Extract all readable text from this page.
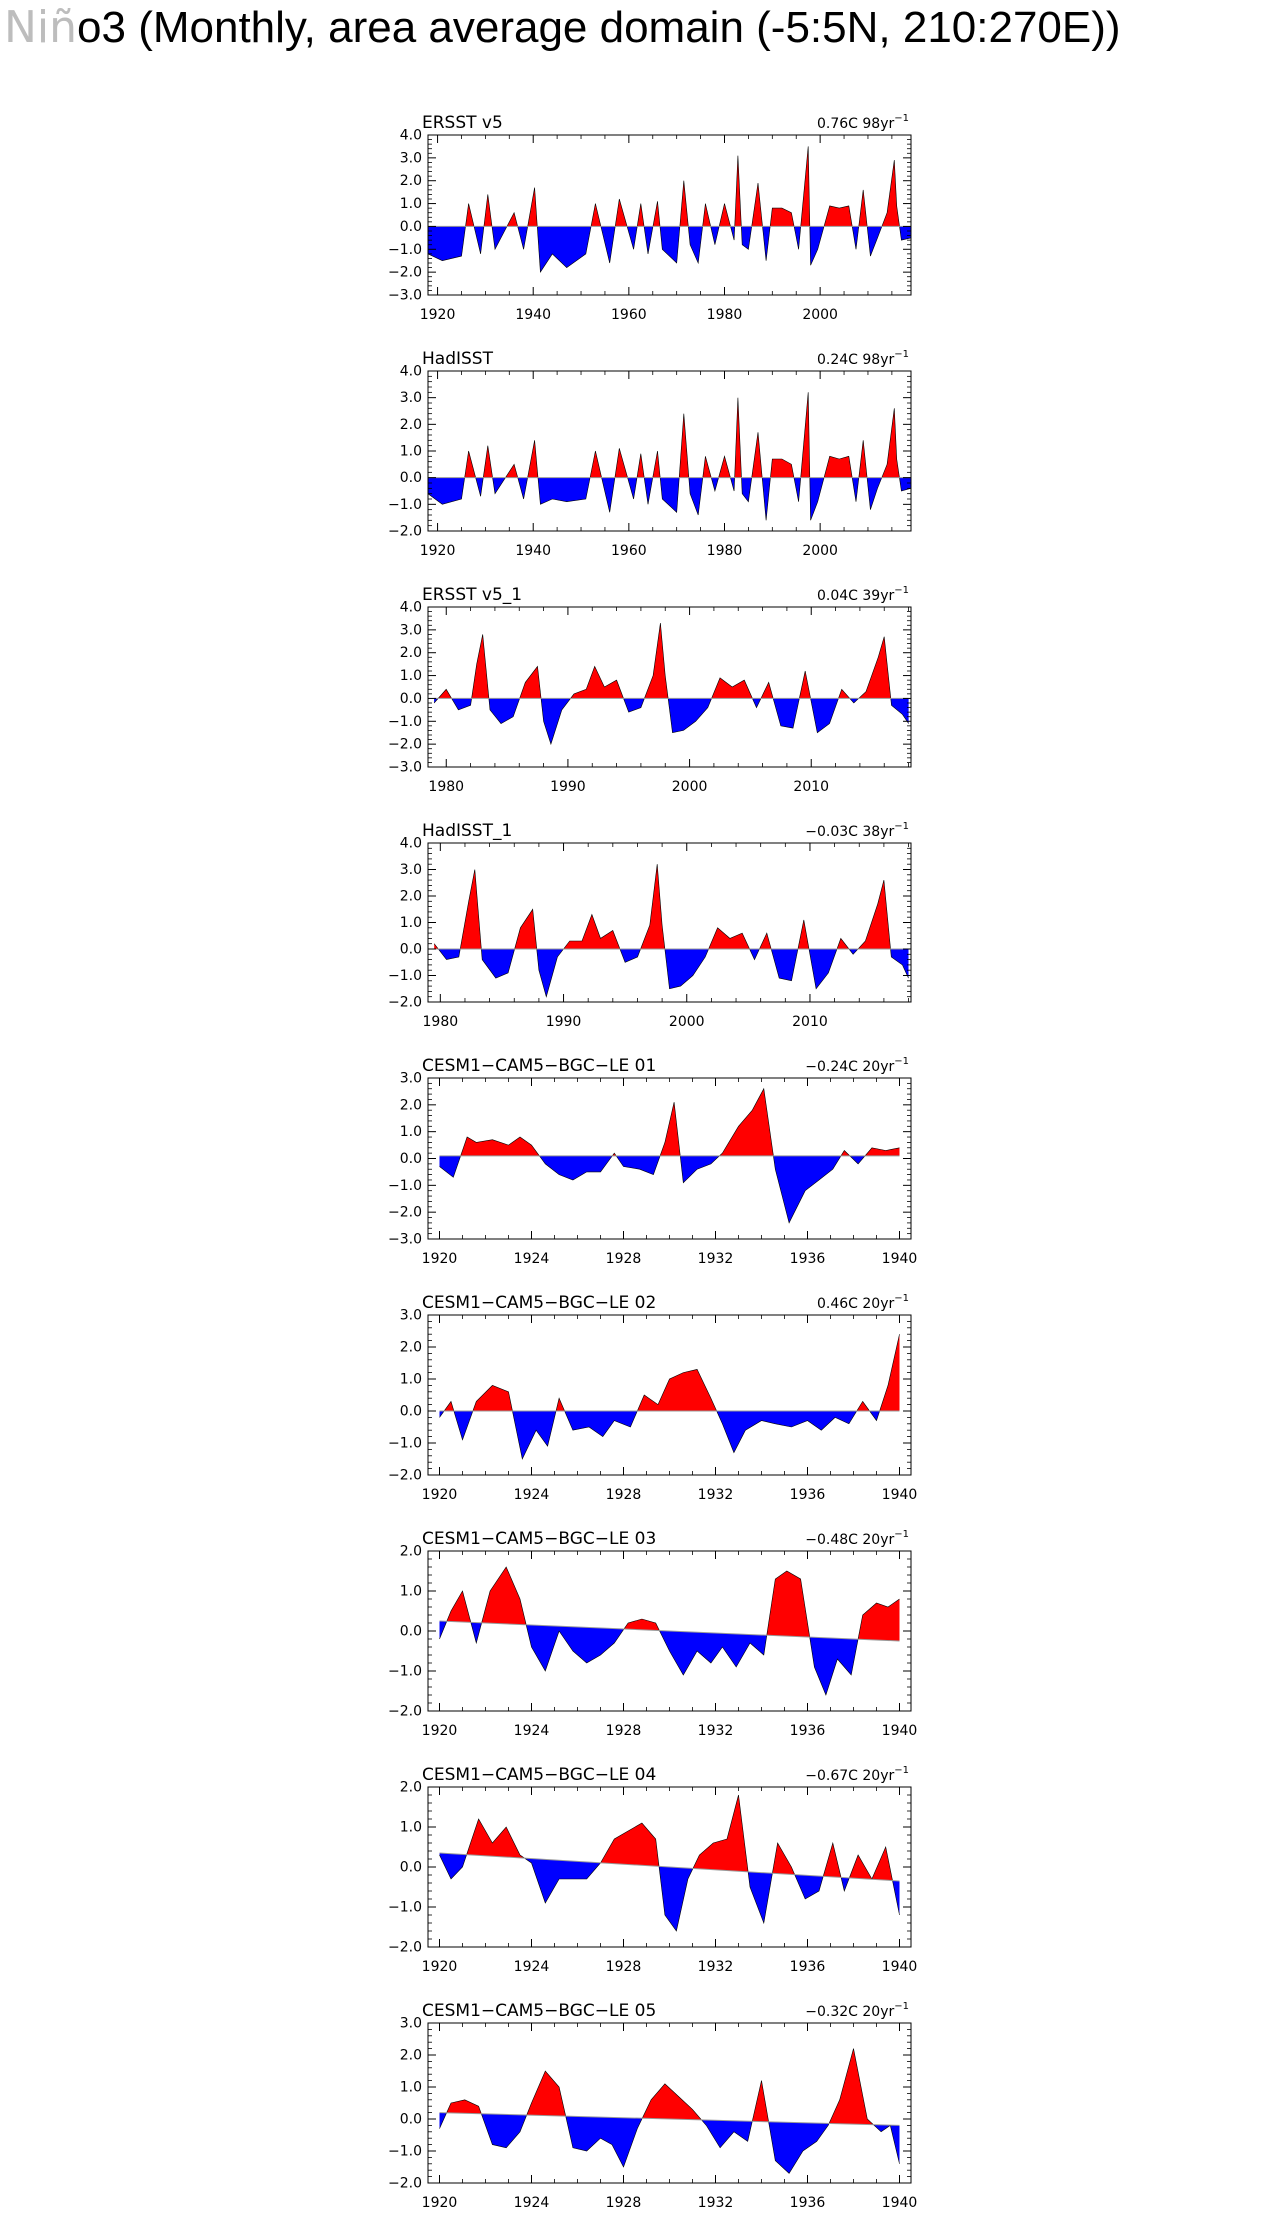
Niño3 (Monthly, area average domain (-5:5N, 210:270E))
4.0
3.0
2.0
1.0
0.0
−1.0
−2.0
−3.0
1920	1940	1960	1980	2000
ERSST v5	0.76C $98yr^{-1}$
4.0
3.0
2.0
1.0
0.0
−1.0
−2.0
1920	1940	1960	1980	2000
HadISST	0.24C $98yr^{-1}$
4.0
3.0
2.0
1.0
0.0
−1.0
−2.0
−3.0
1980	1990	2000	2010
ERSST v5_1	0.04C $39yr^{-1}$
4.0
3.0
2.0
1.0
0.0
−1.0
−2.0
1980	1990	2000	2010
HadISST_1	−0.03C $38yr^{-1}$
3.0
2.0
1.0
0.0
−1.0
−2.0
−3.0
1920	1924	1928	1932	1936	1940
CESM1−CAM5−BGC−LE 01	−0.24C $20yr^{-1}$
3.0
2.0
1.0
0.0
−1.0
−2.0
1920	1924	1928	1932	1936	1940
CESM1−CAM5−BGC−LE 02	0.46C $20yr^{-1}$
2.0
1.0
0.0
−1.0
−2.0
1920	1924	1928	1932	1936	1940
CESM1−CAM5−BGC−LE 03	−0.48C $20yr^{-1}$
2.0
1.0
0.0
−1.0
−2.0
1920	1924	1928	1932	1936	1940
CESM1−CAM5−BGC−LE 04	−0.67C $20yr^{-1}$
3.0
2.0
1.0
0.0
−1.0
−2.0
1920	1924	1928	1932	1936	1940
CESM1−CAM5−BGC−LE 05	−0.32C $20yr^{-1}$
